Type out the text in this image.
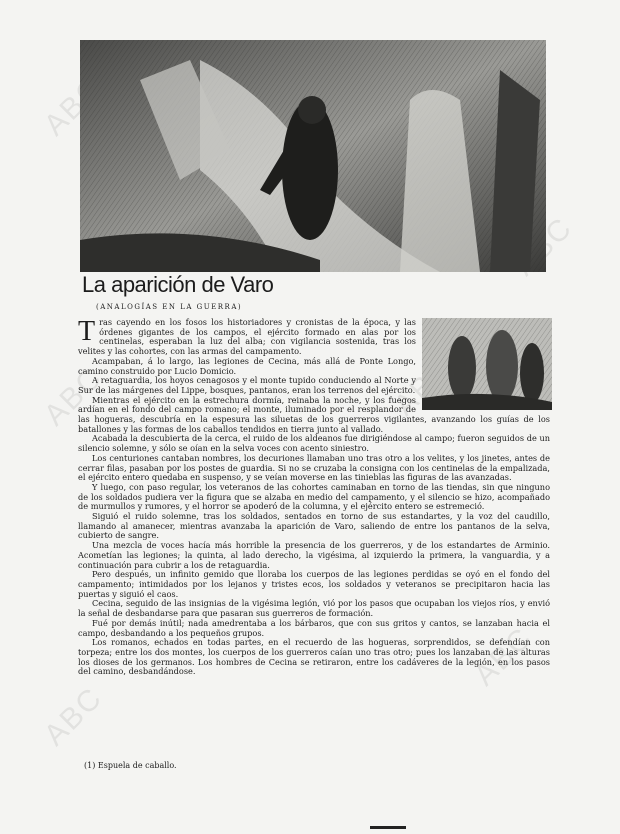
ABC
ABC
ABC
ABC
La aparición de Varo
(ANALOGÍAS EN LA GUERRA)

Tras cayendo en los fosos los historiadores y cronistas de la época, y las órdenes gigantes de los campos, el ejército formado en alas por los centinelas, esperaban la luz del alba; con vigilancia sostenida, tras los velites y las cohortes, con las armas del campamento.

Acampaban, á lo largo, las legiones de Cecina, más allá de Ponte Longo, camino construido por Lucio Domicio.

A retaguardia, los hoyos cenagosos y el monte tupido conduciendo al Norte y Sur de las márgenes del Lippe, bosques, pantanos, eran los terrenos del ejército.

Mientras el ejército en la estrechura dormía, reinaba la noche, y los fuegos ardían en el fondo del campo romano; el monte, iluminado por el resplandor de las hogueras, descubría en la espesura las siluetas de los guerreros vigilantes, avanzando los guías de los batallones y las formas de los caballos tendidos en tierra junto al vallado.

Acabada la descubierta de la cerca, el ruido de los aldeanos fue dirigiéndose al campo; fueron seguidos de un silencio solemne, y sólo se oían en la selva voces con acento siniestro.

Los centuriones cantaban nombres, los decuriones llamaban uno tras otro a los velites, y los jinetes, antes de cerrar filas, pasaban por los postes de guardia. Si no se cruzaba la consigna con los centinelas de la empalizada, el ejército entero quedaba en suspenso, y se veían moverse en las tinieblas las figuras de las avanzadas.

Y luego, con paso regular, los veteranos de las cohortes caminaban en torno de las tiendas, sin que ninguno de los soldados pudiera ver la figura que se alzaba en medio del campamento, y el silencio se hizo, acompañado de murmullos y rumores, y el horror se apoderó de la columna, y el ejército entero se estremeció.

Siguió el ruido solemne, tras los soldados, sentados en torno de sus estandartes, y la voz del caudillo, llamando al amanecer, mientras avanzaba la aparición de Varo, saliendo de entre los pantanos de la selva, cubierto de sangre.

Una mezcla de voces hacía más horrible la presencia de los guerreros, y de los estandartes de Arminio. Acometían las legiones; la quinta, al lado derecho, la vigésima, al izquierdo la primera, la vanguardia, y a continuación para cubrir a los de retaguardia.

Pero después, un infinito gemido que lloraba los cuerpos de las legiones perdidas se oyó en el fondo del campamento; intimidados por los lejanos y tristes ecos, los soldados y veteranos se precipitaron hacia las puertas y siguió el caos.

Cecina, seguido de las insignias de la vigésima legión, vió por los pasos que ocupaban los viejos ríos, y envió la señal de desbandarse para que pasaran sus guerreros de formación.

Fué por demás inútil; nada amedrentaba a los bárbaros, que con sus gritos y cantos, se lanzaban hacia el campo, desbandando a los pequeños grupos.

Los romanos, echados en todas partes, en el recuerdo de las hogueras, sorprendidos, se defendían con torpeza; entre los dos montes, los cuerpos de los guerreros caían uno tras otro; pues los lanzaban de las alturas los dioses de los germanos. Los hombres de Cecina se retiraron, entre los cadáveres de la legión, en los pasos del camino, desbandándose.

(1) Espuela de caballo.
